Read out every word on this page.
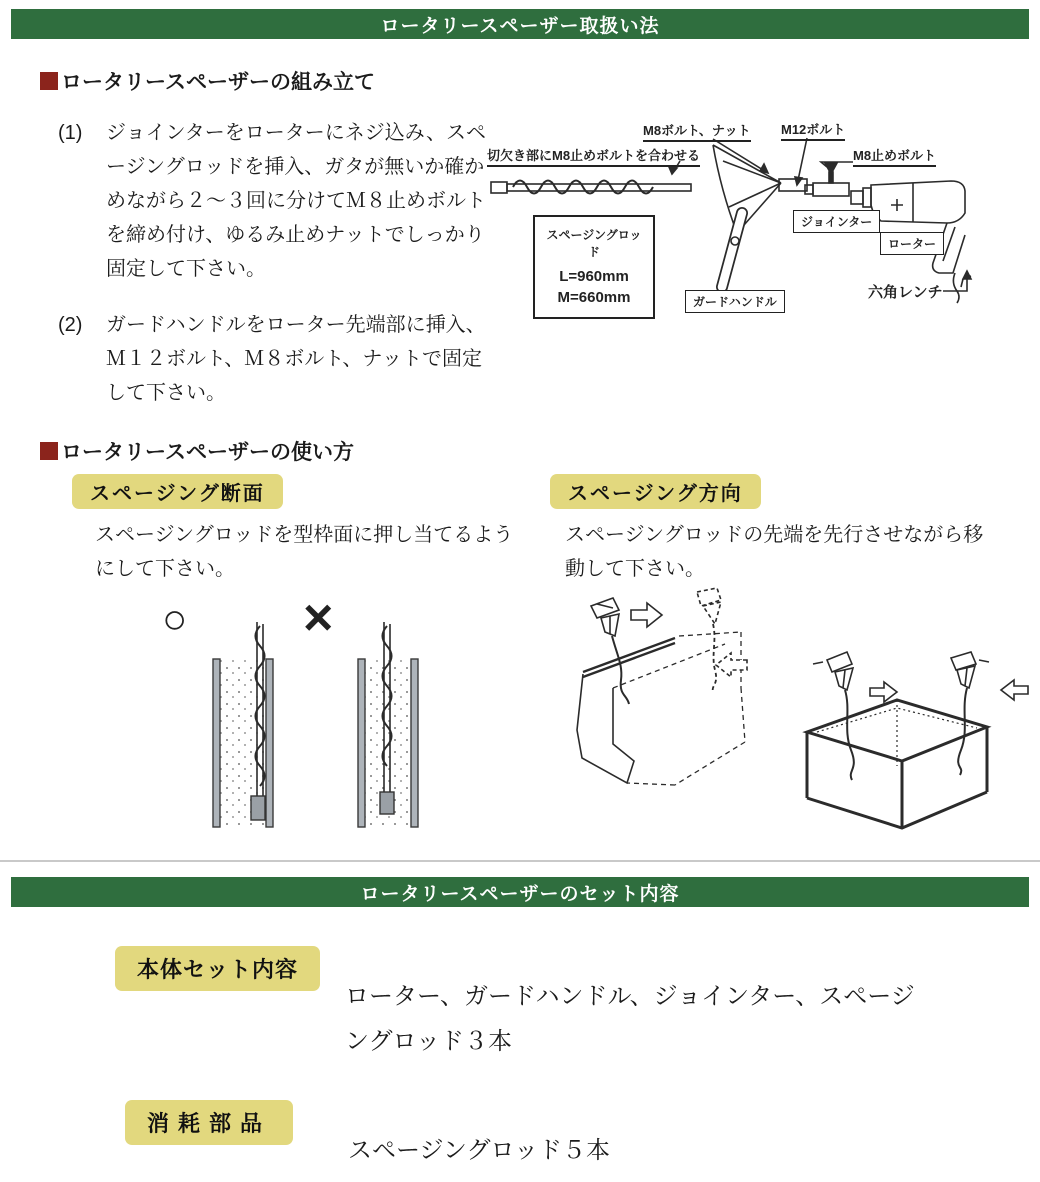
ロータリースペーザー取扱い法
ロータリースペーザーの組み立て
(1)	ジョインターをローターにネジ込み、スページングロッドを挿入、ガタが無いか確かめながら２〜３回に分けてＭ８止めボルトを締め付け、ゆるみ止めナットでしっかり固定して下さい。
(2)	ガードハンドルをローター先端部に挿入、Ｍ１２ボルト、Ｍ８ボルト、ナットで固定して下さい。
切欠き部にM8止めボルトを合わせる
M8ボルト、ナット M12ボルト
M8止めボルト
ジョインター
ローター
ガードハンドル
六角レンチ
スページングロッド
L=960mm
M=660mm
ロータリースペーザーの使い方
スページング断面
スページングロッドを型枠面に押し当てるようにして下さい。
スページング方向
スページングロッドの先端を先行させながら移動して下さい。
○ ×
ロータリースペーザーのセット内容
本体セット内容
ローター、ガードハンドル、ジョインター、スページングロッド３本
消耗部品
スページングロッド５本
